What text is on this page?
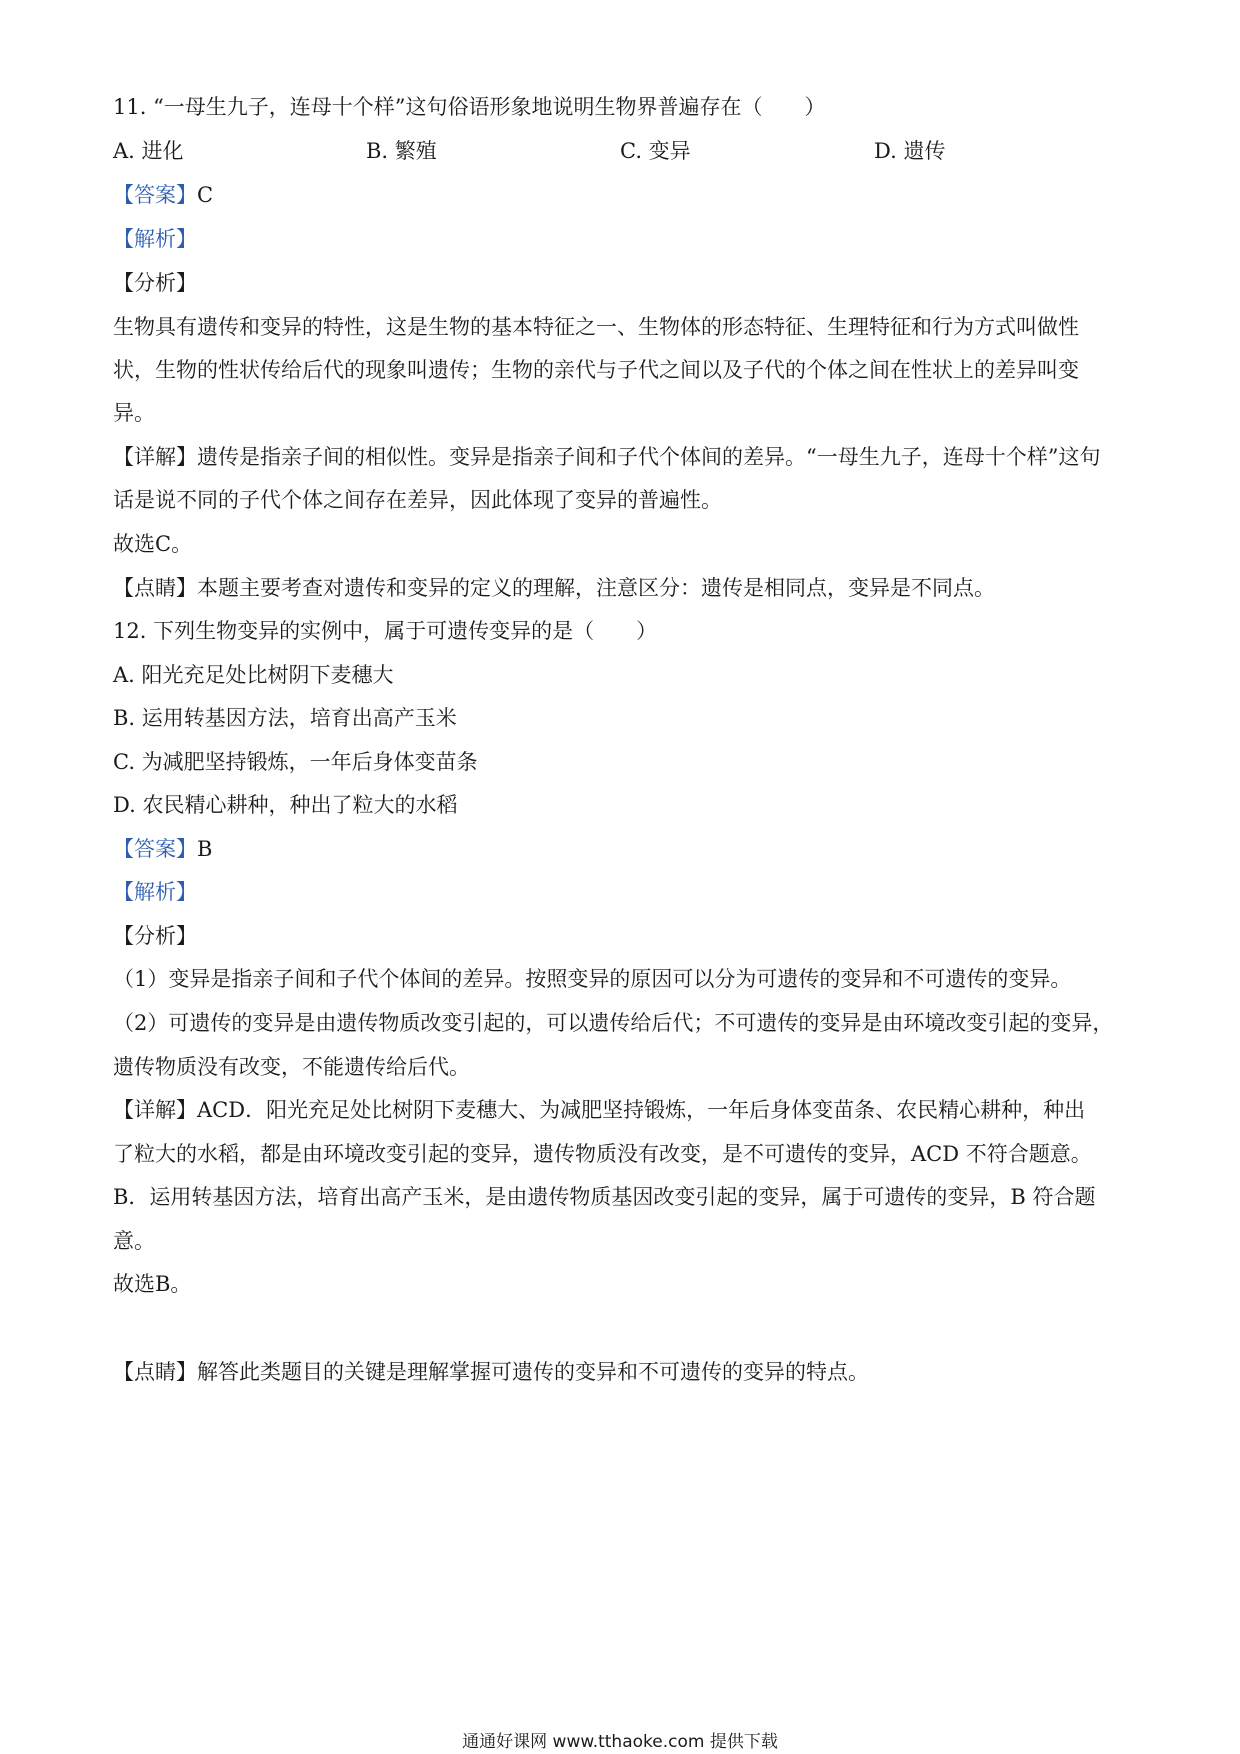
11. “一母生九子，连母十个样”这句俗语形象地说明生物界普遍存在（　　）
A. 进化	B. 繁殖	C. 变异	D. 遗传
【答案】C
【解析】
【分析】
生物具有遗传和变异的特性，这是生物的基本特征之一、生物体的形态特征、生理特征和行为方式叫做性
状，生物的性状传给后代的现象叫遗传；生物的亲代与子代之间以及子代的个体之间在性状上的差异叫变
异。
【详解】遗传是指亲子间的相似性。变异是指亲子间和子代个体间的差异。“一母生九子，连母十个样”这句
话是说不同的子代个体之间存在差异，因此体现了变异的普遍性。
故选C。
【点睛】本题主要考查对遗传和变异的定义的理解，注意区分：遗传是相同点，变异是不同点。
12. 下列生物变异的实例中，属于可遗传变异的是（　　）
A. 阳光充足处比树阴下麦穗大
B. 运用转基因方法，培育出高产玉米
C. 为减肥坚持锻炼，一年后身体变苗条
D. 农民精心耕种，种出了粒大的水稻
【答案】B
【解析】
【分析】
（1）变异是指亲子间和子代个体间的差异。按照变异的原因可以分为可遗传的变异和不可遗传的变异。
（2）可遗传的变异是由遗传物质改变引起的，可以遗传给后代；不可遗传的变异是由环境改变引起的变异，
遗传物质没有改变，不能遗传给后代。
【详解】ACD．阳光充足处比树阴下麦穗大、为减肥坚持锻炼，一年后身体变苗条、农民精心耕种，种出
了粒大的水稻，都是由环境改变引起的变异，遗传物质没有改变，是不可遗传的变异，ACD 不符合题意。
B．运用转基因方法，培育出高产玉米，是由遗传物质基因改变引起的变异，属于可遗传的变异，B 符合题
意。
故选B。
【点睛】解答此类题目的关键是理解掌握可遗传的变异和不可遗传的变异的特点。
通通好课网 www.tthaoke.com 提供下载
